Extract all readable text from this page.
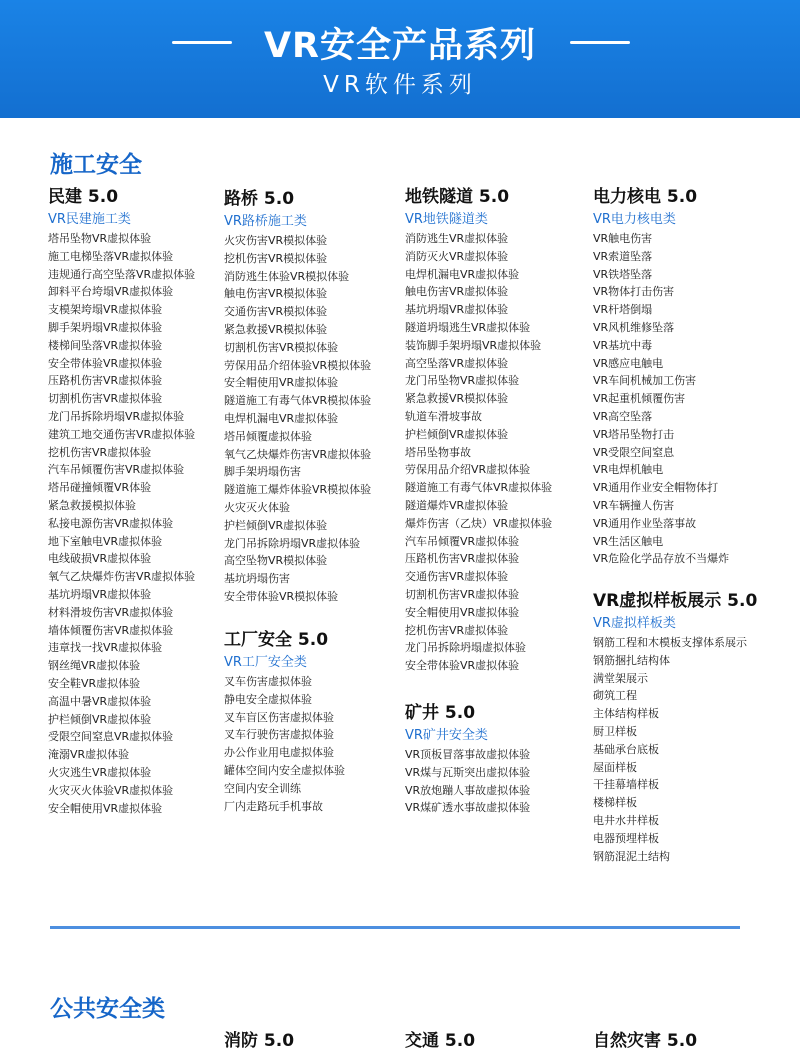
VR安全产品系列
VR软件系列
施工安全
民建 5.0
VR民建施工类
塔吊坠物VR虚拟体验
施工电梯坠落VR虚拟体验
违规通行高空坠落VR虚拟体验
卸料平台垮塌VR虚拟体验
支模架垮塌VR虚拟体验
脚手架坍塌VR虚拟体验
楼梯间坠落VR虚拟体验
安全带体验VR虚拟体验
压路机伤害VR虚拟体验
切割机伤害VR虚拟体验
龙门吊拆除坍塌VR虚拟体验
建筑工地交通伤害VR虚拟体验
挖机伤害VR虚拟体验
汽车吊倾覆伤害VR虚拟体验
塔吊碰撞倾覆VR体验
紧急救援模拟体验
私接电源伤害VR虚拟体验
地下室触电VR虚拟体验
电线破损VR虚拟体验
氧气乙炔爆炸伤害VR虚拟体验
基坑坍塌VR虚拟体验
材料滑坡伤害VR虚拟体验
墙体倾覆伤害VR虚拟体验
违章找一找VR虚拟体验
钢丝绳VR虚拟体验
安全鞋VR虚拟体验
高温中暑VR虚拟体验
护栏倾倒VR虚拟体验
受限空间窒息VR虚拟体验
淹溺VR虚拟体验
火灾逃生VR虚拟体验
火灾灭火体验VR虚拟体验
安全帽使用VR虚拟体验
路桥 5.0
VR路桥施工类
火灾伤害VR模拟体验
挖机伤害VR模拟体验
消防逃生体验VR模拟体验
触电伤害VR模拟体验
交通伤害VR模拟体验
紧急救援VR模拟体验
切割机伤害VR模拟体验
劳保用品介绍体验VR模拟体验
安全帽使用VR虚拟体验
隧道施工有毒气体VR模拟体验
电焊机漏电VR虚拟体验
塔吊倾覆虚拟体验
氧气乙炔爆炸伤害VR虚拟体验
脚手架坍塌伤害
隧道施工爆炸体验VR模拟体验
火灾灭火体验
护栏倾倒VR虚拟体验
龙门吊拆除坍塌VR虚拟体验
高空坠物VR模拟体验
基坑坍塌伤害
安全带体验VR模拟体验
工厂安全 5.0
VR工厂安全类
叉车伤害虚拟体验
静电安全虚拟体验
叉车盲区伤害虚拟体验
叉车行驶伤害虚拟体验
办公作业用电虚拟体验
罐体空间内安全虚拟体验
空间内安全训练
厂内走路玩手机事故
地铁隧道 5.0
VR地铁隧道类
消防逃生VR虚拟体验
消防灭火VR虚拟体验
电焊机漏电VR虚拟体验
触电伤害VR虚拟体验
基坑坍塌VR虚拟体验
隧道坍塌逃生VR虚拟体验
装饰脚手架坍塌VR虚拟体验
高空坠落VR虚拟体验
龙门吊坠物VR虚拟体验
紧急救援VR模拟体验
轨道车滑坡事故
护栏倾倒VR虚拟体验
塔吊坠物事故
劳保用品介绍VR虚拟体验
隧道施工有毒气体VR虚拟体验
隧道爆炸VR虚拟体验
爆炸伤害（乙炔）VR虚拟体验
汽车吊倾覆VR虚拟体验
压路机伤害VR虚拟体验
交通伤害VR虚拟体验
切割机伤害VR虚拟体验
安全帽使用VR虚拟体验
挖机伤害VR虚拟体验
龙门吊拆除坍塌虚拟体验
安全带体验VR虚拟体验
矿井 5.0
VR矿井安全类
VR顶板冒落事故虚拟体验
VR煤与瓦斯突出虚拟体验
VR放炮蹦人事故虚拟体验
VR煤矿透水事故虚拟体验
电力核电 5.0
VR电力核电类
VR触电伤害
VR索道坠落
VR铁塔坠落
VR物体打击伤害
VR杆塔倒塌
VR风机维修坠落
VR基坑中毒
VR感应电触电
VR车间机械加工伤害
VR起重机倾覆伤害
VR高空坠落
VR塔吊坠物打击
VR受限空间窒息
VR电焊机触电
VR通用作业安全帽物体打
VR车辆撞人伤害
VR通用作业坠落事故
VR生活区触电
VR危险化学品存放不当爆炸
VR虚拟样板展示 5.0
VR虚拟样板类
钢筋工程和木模板支撑体系展示
钢筋捆扎结构体
满堂架展示
砌筑工程
主体结构样板
厨卫样板
基础承台底板
屋面样板
干挂幕墙样板
楼梯样板
电井水井样板
电器预埋样板
钢筋混泥土结构
公共安全类
消防 5.0	交通 5.0	自然灾害 5.0
